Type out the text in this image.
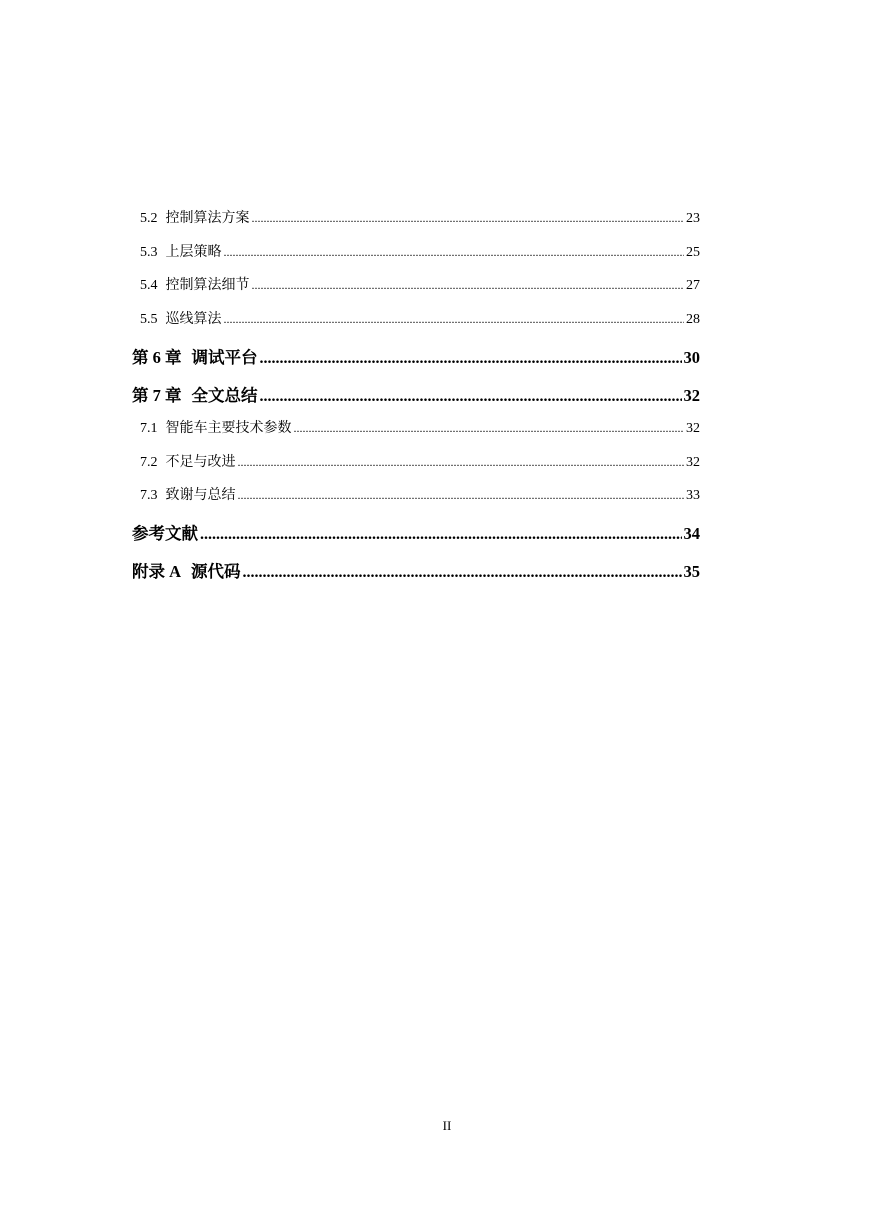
5.2 控制算法方案 .....	23
5.3 上层策略 .....	25
5.4 控制算法细节 .....	27
5.5 巡线算法 .....	28
第 6 章 调试平台 .....	30
第 7 章 全文总结 .....	32
7.1 智能车主要技术参数 .....	32
7.2 不足与改进 .....	32
7.3 致谢与总结 .....	33
参考文献 .....	34
附录 A 源代码 .....	35
II
